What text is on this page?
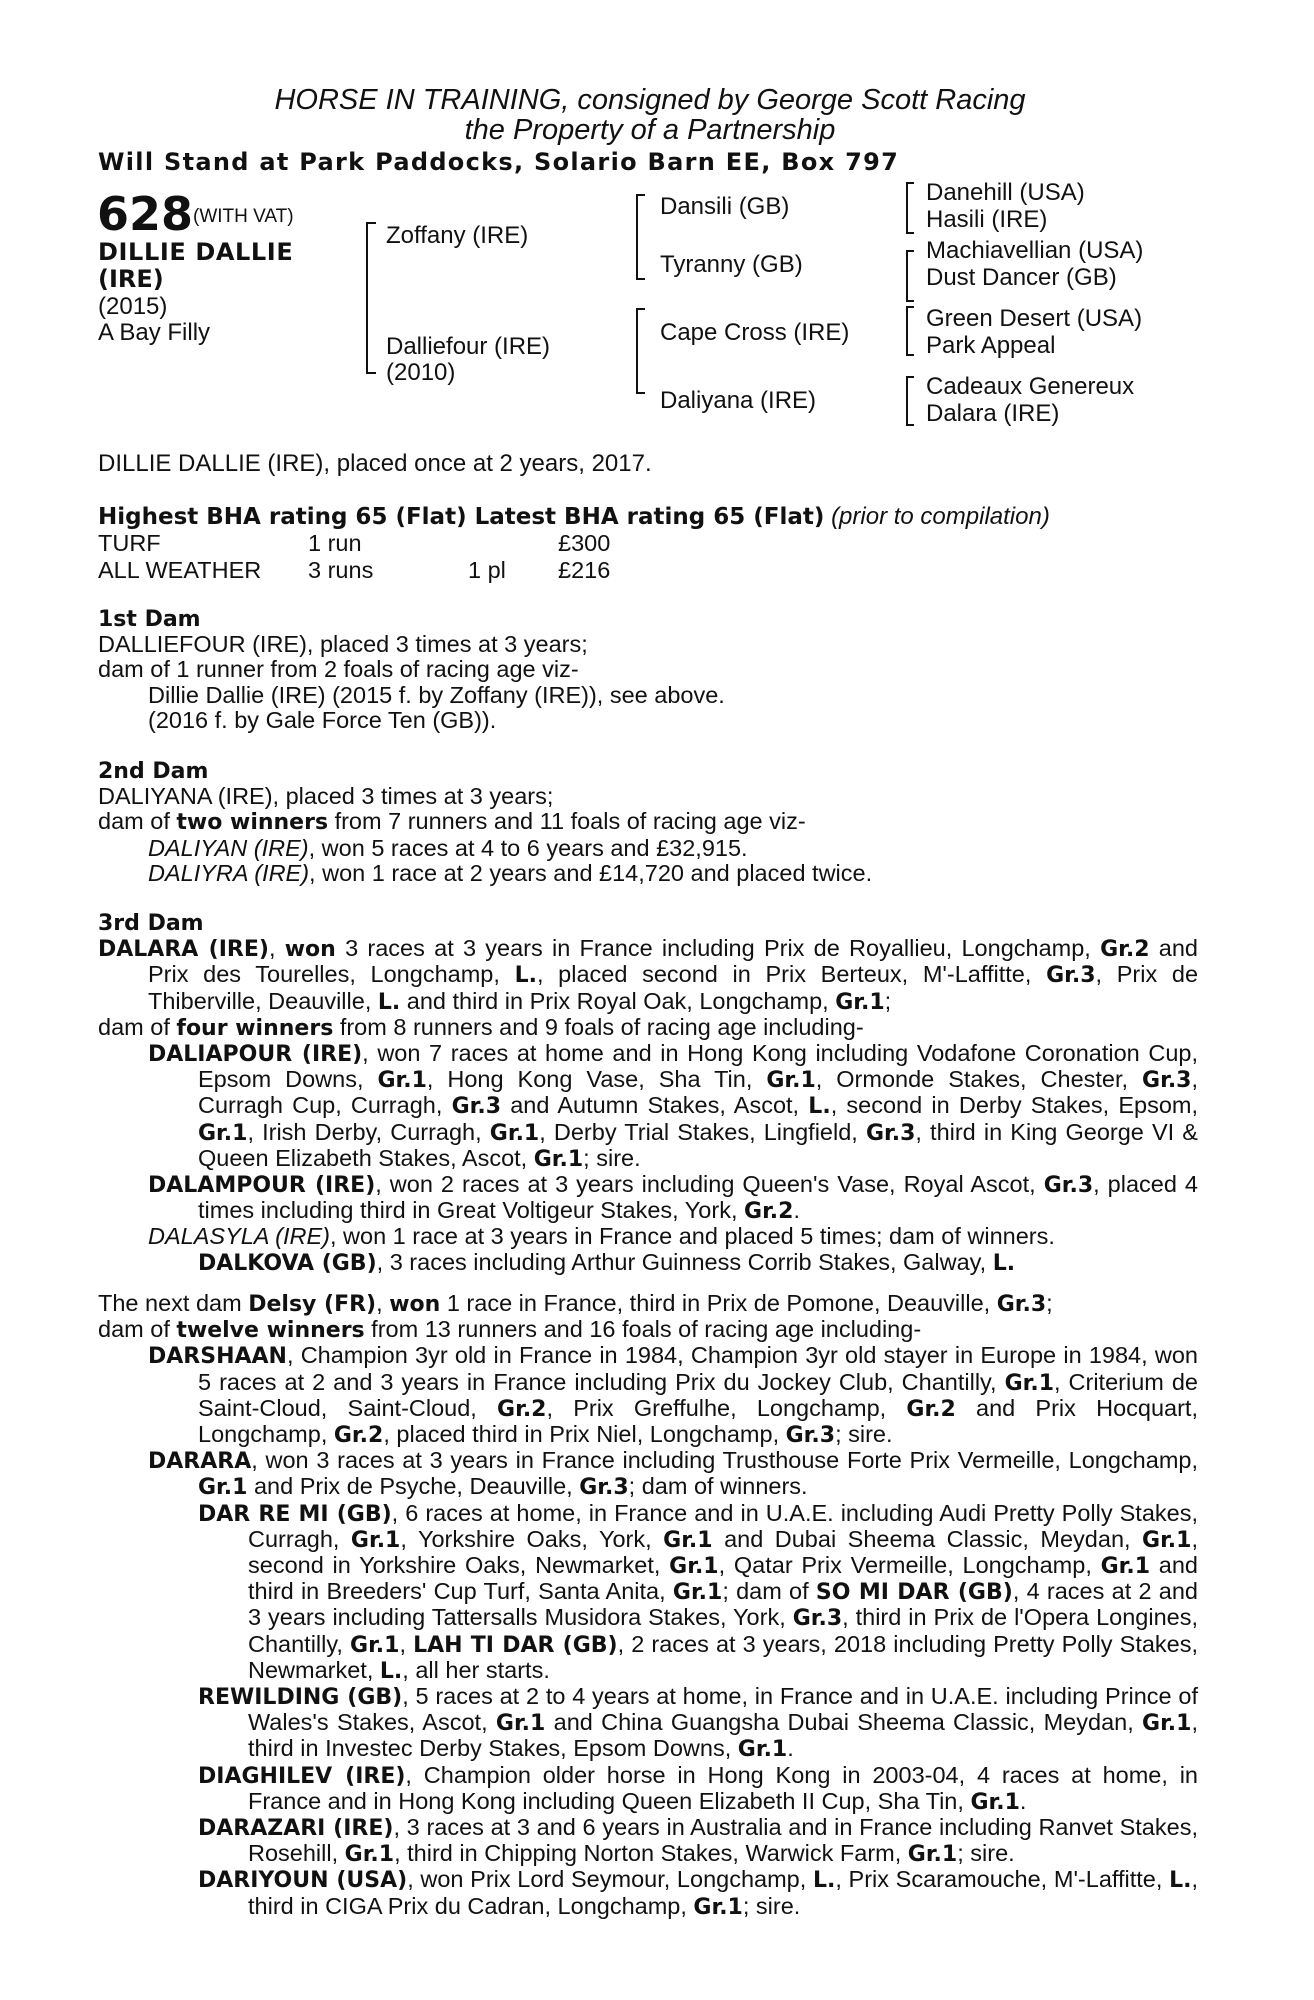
HORSE IN TRAINING, consigned by George Scott Racing
the Property of a Partnership
Will Stand at Park Paddocks, Solario Barn EE, Box 797
628 (WITH VAT)
DILLIE DALLIE
(IRE)
(2015)
A Bay Filly
Zoffany (IRE)
Dalliefour (IRE)
(2010)
Dansili (GB)
Tyranny (GB)
Cape Cross (IRE)
Daliyana (IRE)
Danehill (USA)
Hasili (IRE)
Machiavellian (USA)
Dust Dancer (GB)
Green Desert (USA)
Park Appeal
Cadeaux Genereux
Dalara (IRE)
DILLIE DALLIE (IRE), placed once at 2 years, 2017.
Highest BHA rating 65 (Flat) Latest BHA rating 65 (Flat) (prior to compilation)
TURF	1 run		£300
ALL WEATHER	3 runs	1 pl	£216

1st Dam

DALLIEFOUR (IRE), placed 3 times at 3 years;

dam of 1 runner from 2 foals of racing age viz-

Dillie Dallie (IRE) (2015 f. by Zoffany (IRE)), see above.

(2016 f. by Gale Force Ten (GB)).

2nd Dam

DALIYANA (IRE), placed 3 times at 3 years;

dam of two winners from 7 runners and 11 foals of racing age viz-

DALIYAN (IRE), won 5 races at 4 to 6 years and £32,915.

DALIYRA (IRE), won 1 race at 2 years and £14,720 and placed twice.

3rd Dam

DALARA (IRE), won 3 races at 3 years in France including Prix de Royallieu, Longchamp, Gr.2 and Prix des Tourelles, Longchamp, L., placed second in Prix Berteux, M'-Laffitte, Gr.3, Prix de Thiberville, Deauville, L. and third in Prix Royal Oak, Longchamp, Gr.1;

dam of four winners from 8 runners and 9 foals of racing age including-

DALIAPOUR (IRE), won 7 races at home and in Hong Kong including Vodafone Coronation Cup, Epsom Downs, Gr.1, Hong Kong Vase, Sha Tin, Gr.1, Ormonde Stakes, Chester, Gr.3, Curragh Cup, Curragh, Gr.3 and Autumn Stakes, Ascot, L., second in Derby Stakes, Epsom, Gr.1, Irish Derby, Curragh, Gr.1, Derby Trial Stakes, Lingfield, Gr.3, third in King George VI & Queen Elizabeth Stakes, Ascot, Gr.1; sire.

DALAMPOUR (IRE), won 2 races at 3 years including Queen's Vase, Royal Ascot, Gr.3, placed 4 times including third in Great Voltigeur Stakes, York, Gr.2.

DALASYLA (IRE), won 1 race at 3 years in France and placed 5 times; dam of winners.

DALKOVA (GB), 3 races including Arthur Guinness Corrib Stakes, Galway, L.

The next dam Delsy (FR), won 1 race in France, third in Prix de Pomone, Deauville, Gr.3;

dam of twelve winners from 13 runners and 16 foals of racing age including-

DARSHAAN, Champion 3yr old in France in 1984, Champion 3yr old stayer in Europe in 1984, won 5 races at 2 and 3 years in France including Prix du Jockey Club, Chantilly, Gr.1, Criterium de Saint-Cloud, Saint-Cloud, Gr.2, Prix Greffulhe, Longchamp, Gr.2 and Prix Hocquart, Longchamp, Gr.2, placed third in Prix Niel, Longchamp, Gr.3; sire.

DARARA, won 3 races at 3 years in France including Trusthouse Forte Prix Vermeille, Longchamp, Gr.1 and Prix de Psyche, Deauville, Gr.3; dam of winners.

DAR RE MI (GB), 6 races at home, in France and in U.A.E. including Audi Pretty Polly Stakes, Curragh, Gr.1, Yorkshire Oaks, York, Gr.1 and Dubai Sheema Classic, Meydan, Gr.1, second in Yorkshire Oaks, Newmarket, Gr.1, Qatar Prix Vermeille, Longchamp, Gr.1 and third in Breeders' Cup Turf, Santa Anita, Gr.1; dam of SO MI DAR (GB), 4 races at 2 and 3 years including Tattersalls Musidora Stakes, York, Gr.3, third in Prix de l'Opera Longines, Chantilly, Gr.1, LAH TI DAR (GB), 2 races at 3 years, 2018 including Pretty Polly Stakes, Newmarket, L., all her starts.

REWILDING (GB), 5 races at 2 to 4 years at home, in France and in U.A.E. including Prince of Wales's Stakes, Ascot, Gr.1 and China Guangsha Dubai Sheema Classic, Meydan, Gr.1, third in Investec Derby Stakes, Epsom Downs, Gr.1.

DIAGHILEV (IRE), Champion older horse in Hong Kong in 2003-04, 4 races at home, in France and in Hong Kong including Queen Elizabeth II Cup, Sha Tin, Gr.1.

DARAZARI (IRE), 3 races at 3 and 6 years in Australia and in France including Ranvet Stakes, Rosehill, Gr.1, third in Chipping Norton Stakes, Warwick Farm, Gr.1; sire.

DARIYOUN (USA), won Prix Lord Seymour, Longchamp, L., Prix Scaramouche, M'-Laffitte, L., third in CIGA Prix du Cadran, Longchamp, Gr.1; sire.
